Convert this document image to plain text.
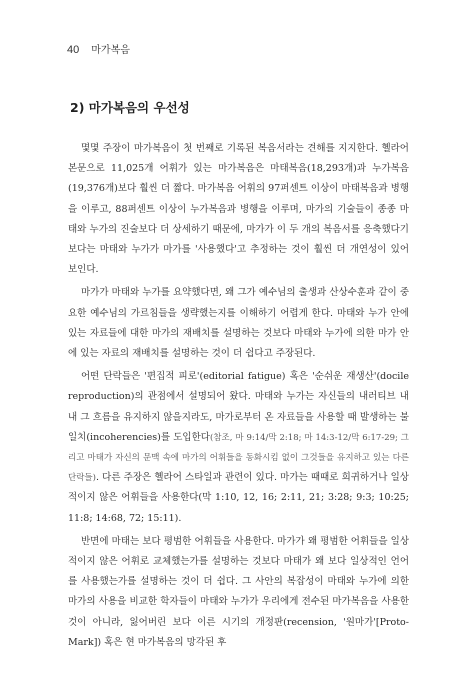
40 마가복음
2) 마가복음의 우선성

몇몇 주장이 마가복음이 첫 번째로 기록된 복음서라는 견해를 지지한다. 헬라어 본문으로 11,025개 어휘가 있는 마가복음은 마태복음(18,293개)과 누가복음(19,376개)보다 훨씬 더 짧다. 마가복음 어휘의 97퍼센트 이상이 마태복음과 병행을 이루고, 88퍼센트 이상이 누가복음과 병행을 이루며, 마가의 기술들이 종종 마태와 누가의 진술보다 더 상세하기 때문에, 마가가 이 두 개의 복음서를 응축했다기보다는 마태와 누가가 마가를 '사용했다'고 추정하는 것이 훨씬 더 개연성이 있어 보인다.

마가가 마태와 누가를 요약했다면, 왜 그가 예수님의 출생과 산상수훈과 같이 중요한 예수님의 가르침들을 생략했는지를 이해하기 어렵게 한다. 마태와 누가 안에 있는 자료들에 대한 마가의 재배치를 설명하는 것보다 마태와 누가에 의한 마가 안에 있는 자료의 재배치를 설명하는 것이 더 쉽다고 주장된다.

어떤 단락들은 '편집적 피로'(editorial fatigue) 혹은 '순쉬운 재생산'(docile reproduction)의 관점에서 설명되어 왔다. 마태와 누가는 자신들의 내러티브 내내 그 흐름을 유지하지 않을지라도, 마가로부터 온 자료들을 사용할 때 발생하는 불일치(incoherencies)를 도입한다(참조, 마 9:14/막 2:18; 마 14:3-12/막 6:17-29; 그리고 마태가 자신의 문맥 속에 마가의 어휘들을 동화시킴 없이 그것들을 유지하고 있는 다른 단락들). 다른 주장은 헬라어 스타일과 관련이 있다. 마가는 때때로 희귀하거나 일상적이지 않은 어휘들을 사용한다(막 1:10, 12, 16; 2:11, 21; 3:28; 9:3; 10:25; 11:8; 14:68, 72; 15:11).

반면에 마태는 보다 평범한 어휘들을 사용한다. 마가가 왜 평범한 어휘들을 일상적이지 않은 어휘로 교체했는가를 설명하는 것보다 마태가 왜 보다 일상적인 언어를 사용했는가를 설명하는 것이 더 쉽다. 그 사안의 복잡성이 마태와 누가에 의한 마가의 사용을 비교한 학자들이 마태와 누가가 우리에게 전수된 마가복음을 사용한 것이 아니라, 잃어버린 보다 이른 시기의 개정판(recension, '원마가'[Proto-Mark]) 혹은 현 마가복음의 망각된 후
